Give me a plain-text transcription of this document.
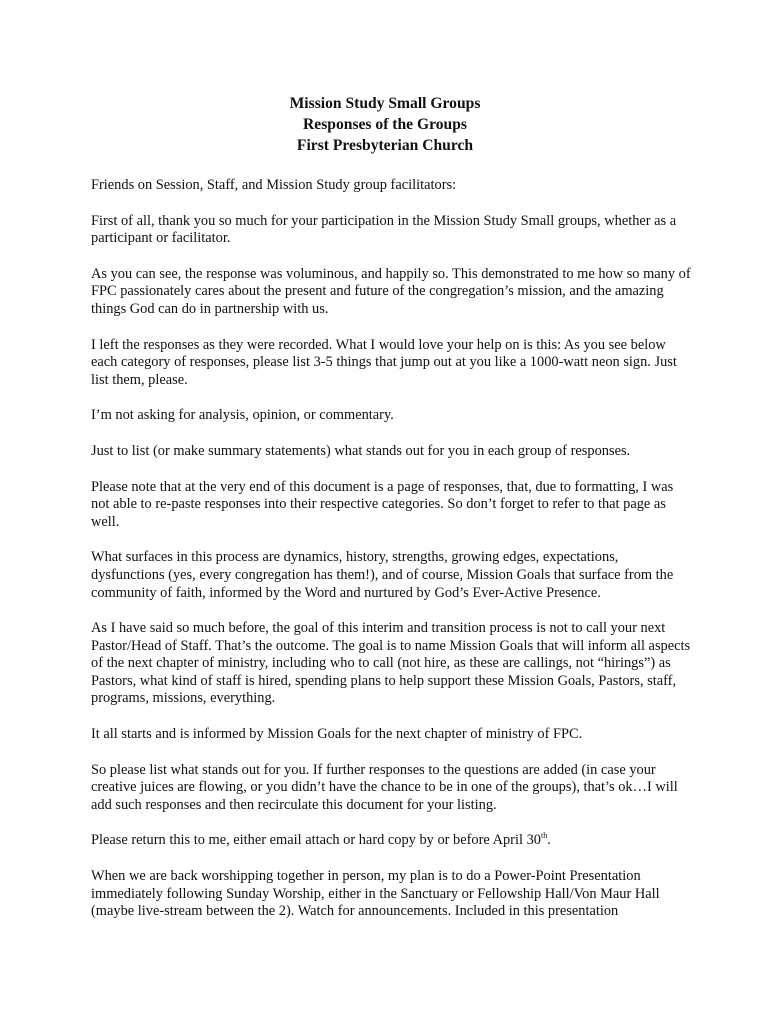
Mission Study Small Groups
Responses of the Groups
First Presbyterian Church

Friends on Session, Staff, and Mission Study group facilitators:

First of all, thank you so much for your participation in the Mission Study Small groups, whether as a participant or facilitator.

As you can see, the response was voluminous, and happily so. This demonstrated to me how so many of FPC passionately cares about the present and future of the congregation’s mission, and the amazing things God can do in partnership with us.

I left the responses as they were recorded. What I would love your help on is this: As you see below each category of responses, please list 3-5 things that jump out at you like a 1000-watt neon sign. Just list them, please.

I’m not asking for analysis, opinion, or commentary.

Just to list (or make summary statements) what stands out for you in each group of responses.

Please note that at the very end of this document is a page of responses, that, due to formatting, I was not able to re-paste responses into their respective categories. So don’t forget to refer to that page as well.

What surfaces in this process are dynamics, history, strengths, growing edges, expectations, dysfunctions (yes, every congregation has them!), and of course, Mission Goals that surface from the community of faith, informed by the Word and nurtured by God’s Ever-Active Presence.

As I have said so much before, the goal of this interim and transition process is not to call your next Pastor/Head of Staff. That’s the outcome. The goal is to name Mission Goals that will inform all aspects of the next chapter of ministry, including who to call (not hire, as these are callings, not “hirings”) as Pastors, what kind of staff is hired, spending plans to help support these Mission Goals, Pastors, staff, programs, missions, everything.

It all starts and is informed by Mission Goals for the next chapter of ministry of FPC.

So please list what stands out for you. If further responses to the questions are added (in case your creative juices are flowing, or you didn’t have the chance to be in one of the groups), that’s ok…I will add such responses and then recirculate this document for your listing.

Please return this to me, either email attach or hard copy by or before April 30th.

When we are back worshipping together in person, my plan is to do a Power-Point Presentation immediately following Sunday Worship, either in the Sanctuary or Fellowship Hall/Von Maur Hall (maybe live-stream between the 2). Watch for announcements. Included in this presentation
